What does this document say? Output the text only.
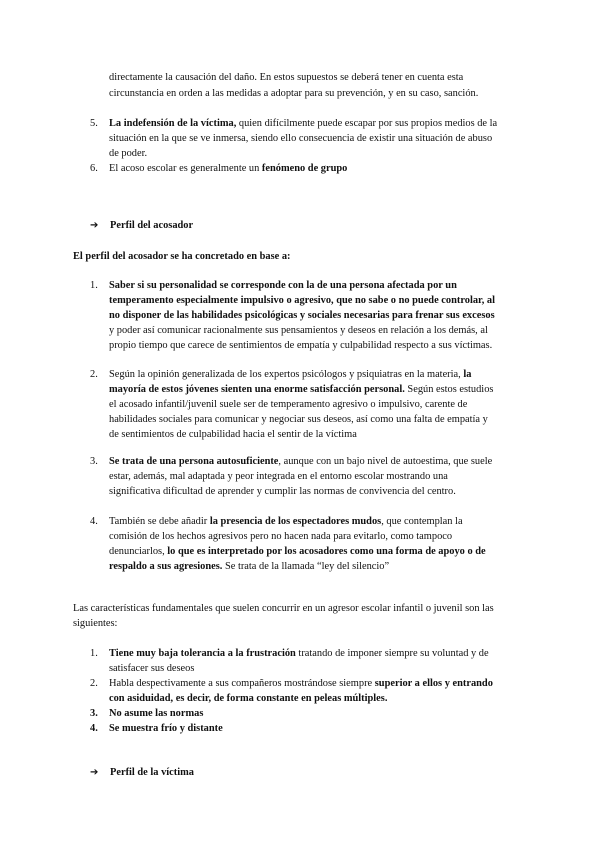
directamente la causación del daño. En estos supuestos se deberá tener en cuenta esta
circunstancia en orden a las medidas a adoptar para su prevención, y en su caso, sanción.
5.	La indefensión de la víctima, quien difícilmente puede escapar por sus propios medios de la
situación en la que se ve inmersa, siendo ello consecuencia de existir una situación de abuso
de poder.
6.	El acoso escolar es generalmente un fenómeno de grupo
➔ Perfil del acosador
El perfil del acosador se ha concretado en base a:
1.	Saber si su personalidad se corresponde con la de una persona afectada por un
temperamento especialmente impulsivo o agresivo, que no sabe o no puede controlar, al
no disponer de las habilidades psicológicas y sociales necesarias para frenar sus excesos
y poder así comunicar racionalmente sus pensamientos y deseos en relación a los demás, al
propio tiempo que carece de sentimientos de empatía y culpabilidad respecto a sus víctimas.
2.	Según la opinión generalizada de los expertos psicólogos y psiquiatras en la materia, la
mayoría de estos jóvenes sienten una enorme satisfacción personal. Según estos estudios
el acosado infantil/juvenil suele ser de temperamento agresivo o impulsivo, carente de
habilidades sociales para comunicar y negociar sus deseos, así como una falta de empatía y
de sentimientos de culpabilidad hacia el sentir de la víctima
3.	Se trata de una persona autosuficiente, aunque con un bajo nivel de autoestima, que suele
estar, además, mal adaptada y peor integrada en el entorno escolar mostrando una
significativa dificultad de aprender y cumplir las normas de convivencia del centro.
4.	También se debe añadir la presencia de los espectadores mudos, que contemplan la
comisión de los hechos agresivos pero no hacen nada para evitarlo, como tampoco
denunciarlos, lo que es interpretado por los acosadores como una forma de apoyo o de
respaldo a sus agresiones. Se trata de la llamada “ley del silencio”
Las características fundamentales que suelen concurrir en un agresor escolar infantil o juvenil son las
siguientes:
1.	Tiene muy baja tolerancia a la frustración tratando de imponer siempre su voluntad y de
satisfacer sus deseos
2.	Habla despectivamente a sus compañeros mostrándose siempre superior a ellos y entrando
con asiduidad, es decir, de forma constante en peleas múltiples.
3.	No asume las normas
4.	Se muestra frío y distante
➔ Perfil de la víctima
